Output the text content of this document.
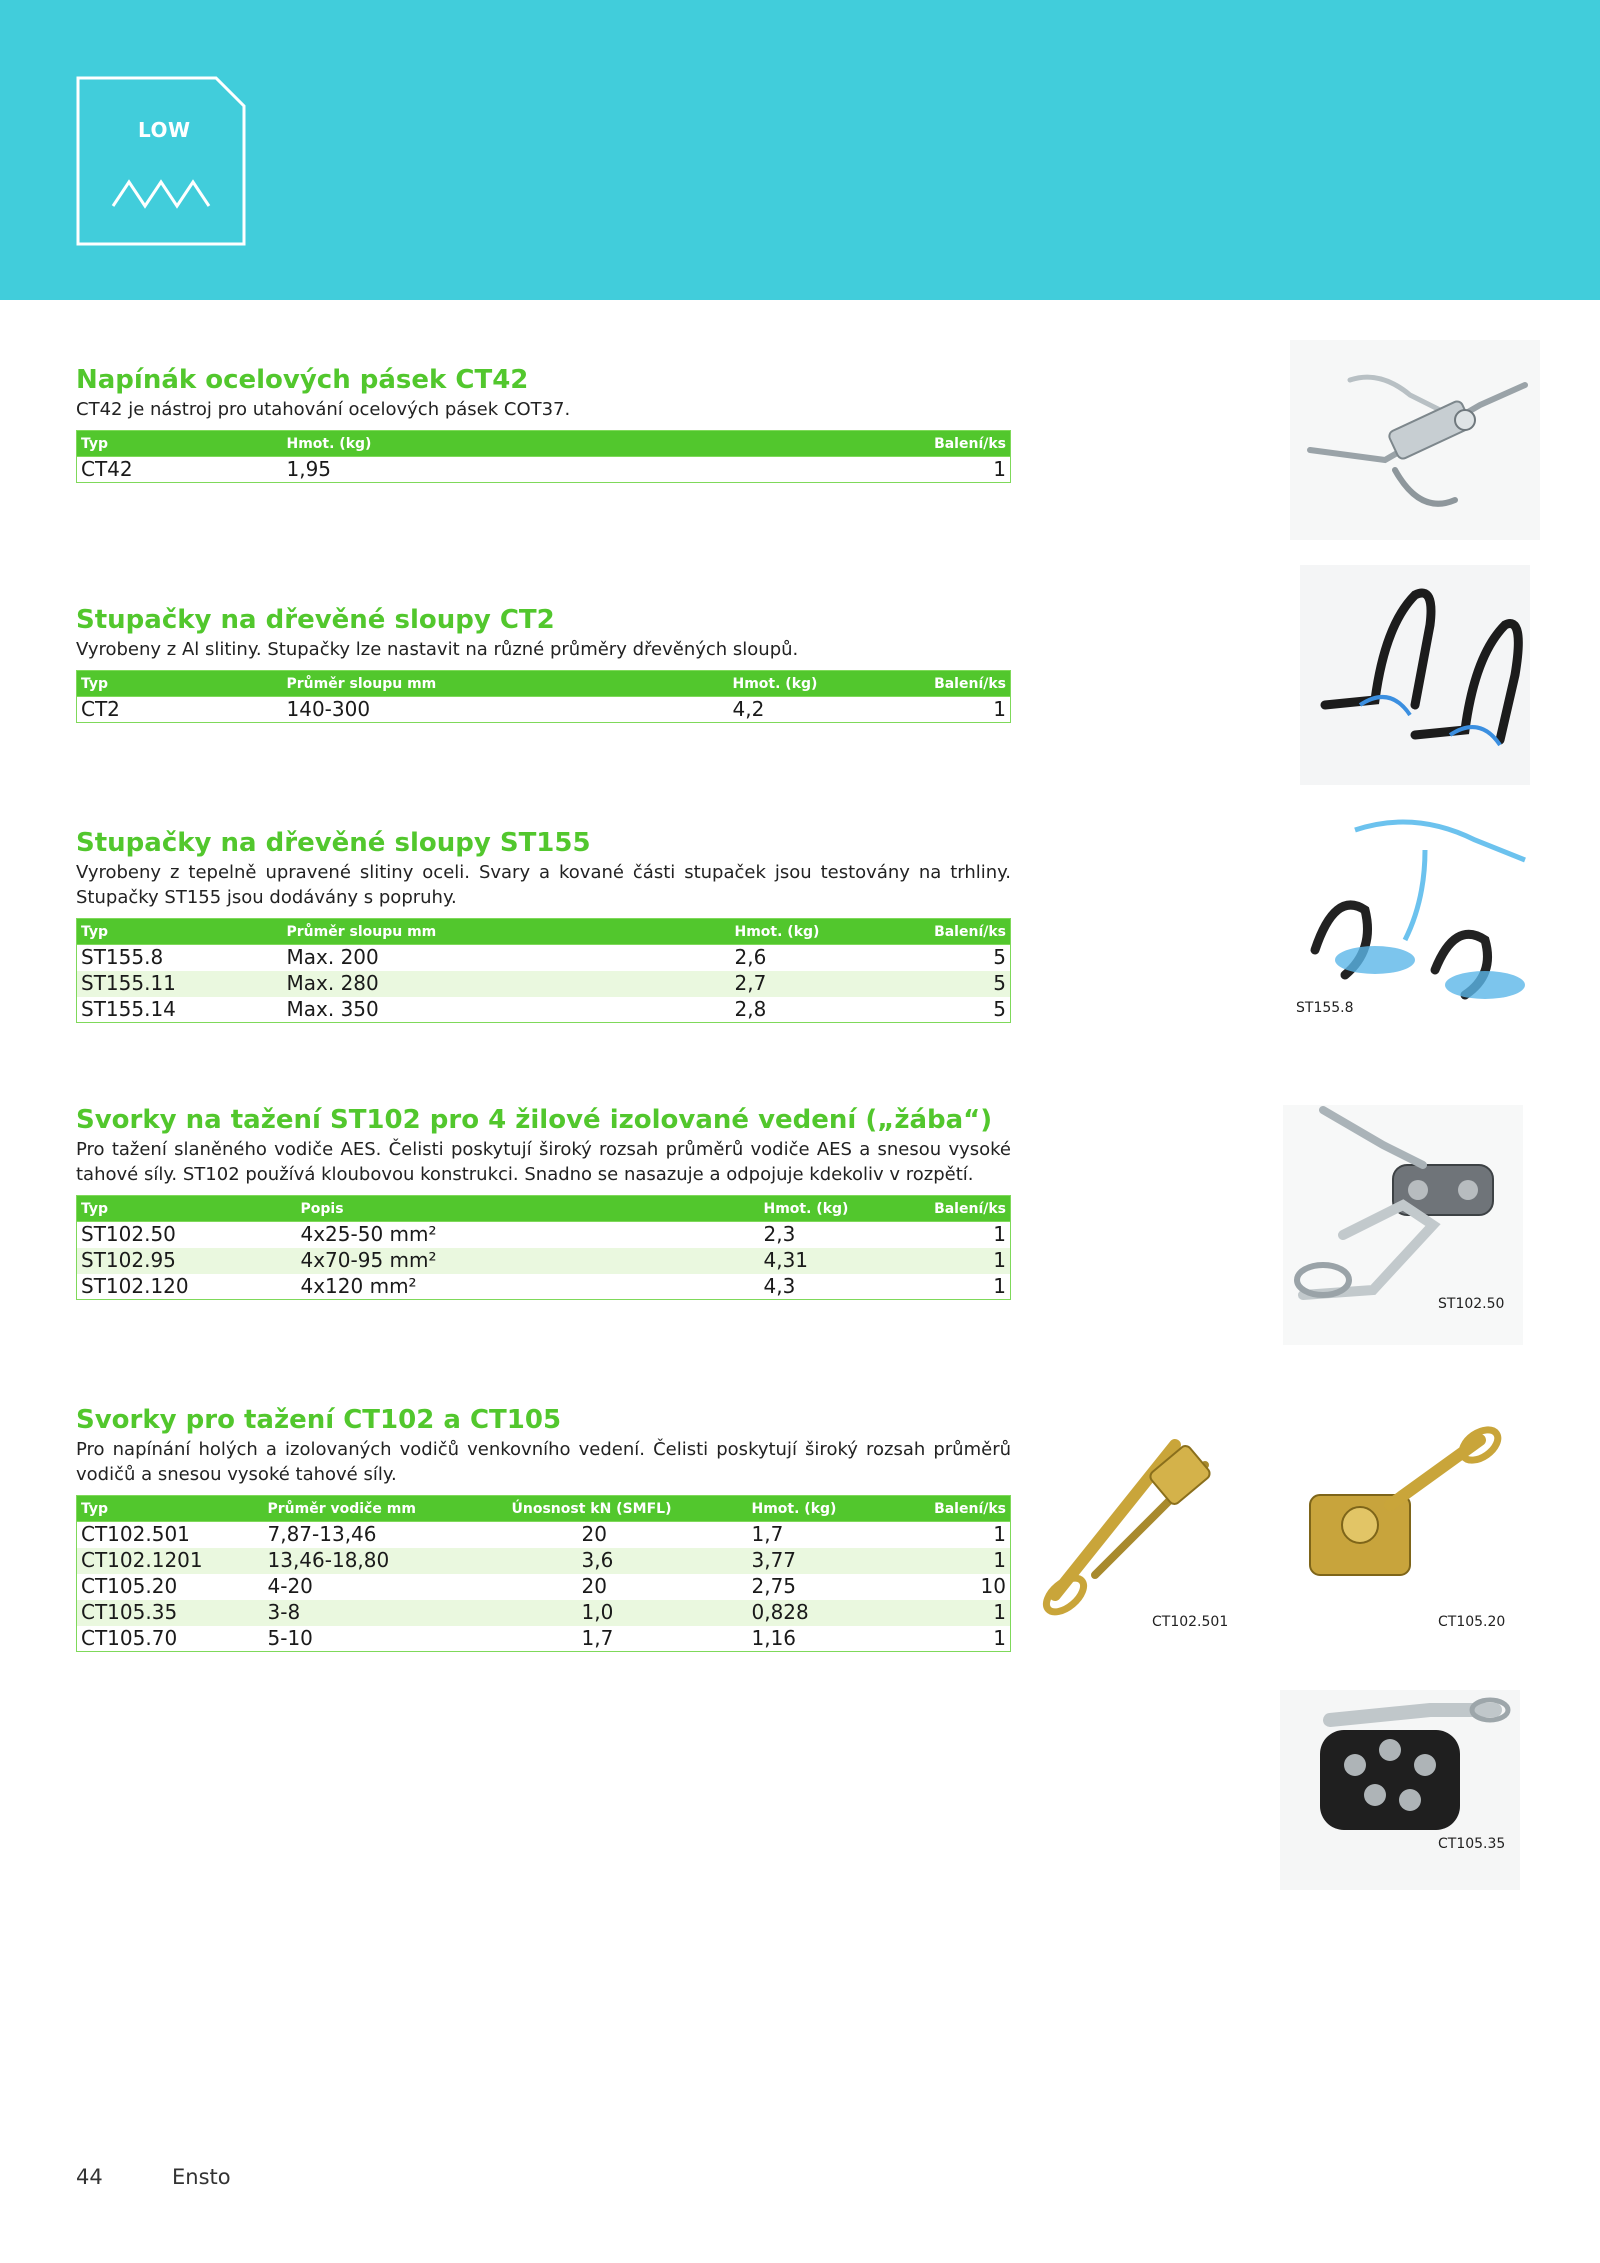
LOW
Napínák ocelových pásek CT42
CT42 je nástroj pro utahování ocelových pásek COT37.
Typ	Hmot. (kg)	Balení/ks
CT42	1,95	1
Stupačky na dřevěné sloupy CT2
Vyrobeny z Al slitiny. Stupačky lze nastavit na různé průměry dřevěných sloupů.
Typ	Průměr sloupu mm	Hmot. (kg)	Balení/ks
CT2	140-300	4,2	1
Stupačky na dřevěné sloupy ST155
Vyrobeny z tepelně upravené slitiny oceli. Svary a kované části stupaček jsou testovány na trhliny. Stupačky ST155 jsou dodávány s popruhy.
Typ	Průměr sloupu mm	Hmot. (kg)	Balení/ks
ST155.8	Max. 200	2,6	5
ST155.11	Max. 280	2,7	5
ST155.14	Max. 350	2,8	5
Svorky na tažení ST102 pro 4 žilové izolované vedení („žába“)
Pro tažení slaněného vodiče AES. Čelisti poskytují široký rozsah průměrů vodiče AES a snesou vysoké tahové síly. ST102 používá kloubovou konstrukci. Snadno se nasazuje a odpojuje kdekoliv v rozpětí.
Typ	Popis	Hmot. (kg)	Balení/ks
ST102.50	4x25-50 mm²	2,3	1
ST102.95	4x70-95 mm²	4,31	1
ST102.120	4x120 mm²	4,3	1
Svorky pro tažení CT102 a CT105
Pro napínání holých a izolovaných vodičů venkovního vedení. Čelisti poskytují široký rozsah průměrů vodičů a snesou vysoké tahové síly.
Typ	Průměr vodiče mm	Únosnost kN (SMFL)	Hmot. (kg)	Balení/ks
CT102.501	7,87-13,46	20	1,7	1
CT102.1201	13,46-18,80	3,6	3,77	1
CT105.20	4-20	20	2,75	10
CT105.35	3-8	1,0	0,828	1
CT105.70	5-10	1,7	1,16	1
ST155.8
ST102.50
CT102.501	CT105.20
CT105.35
44	Ensto
